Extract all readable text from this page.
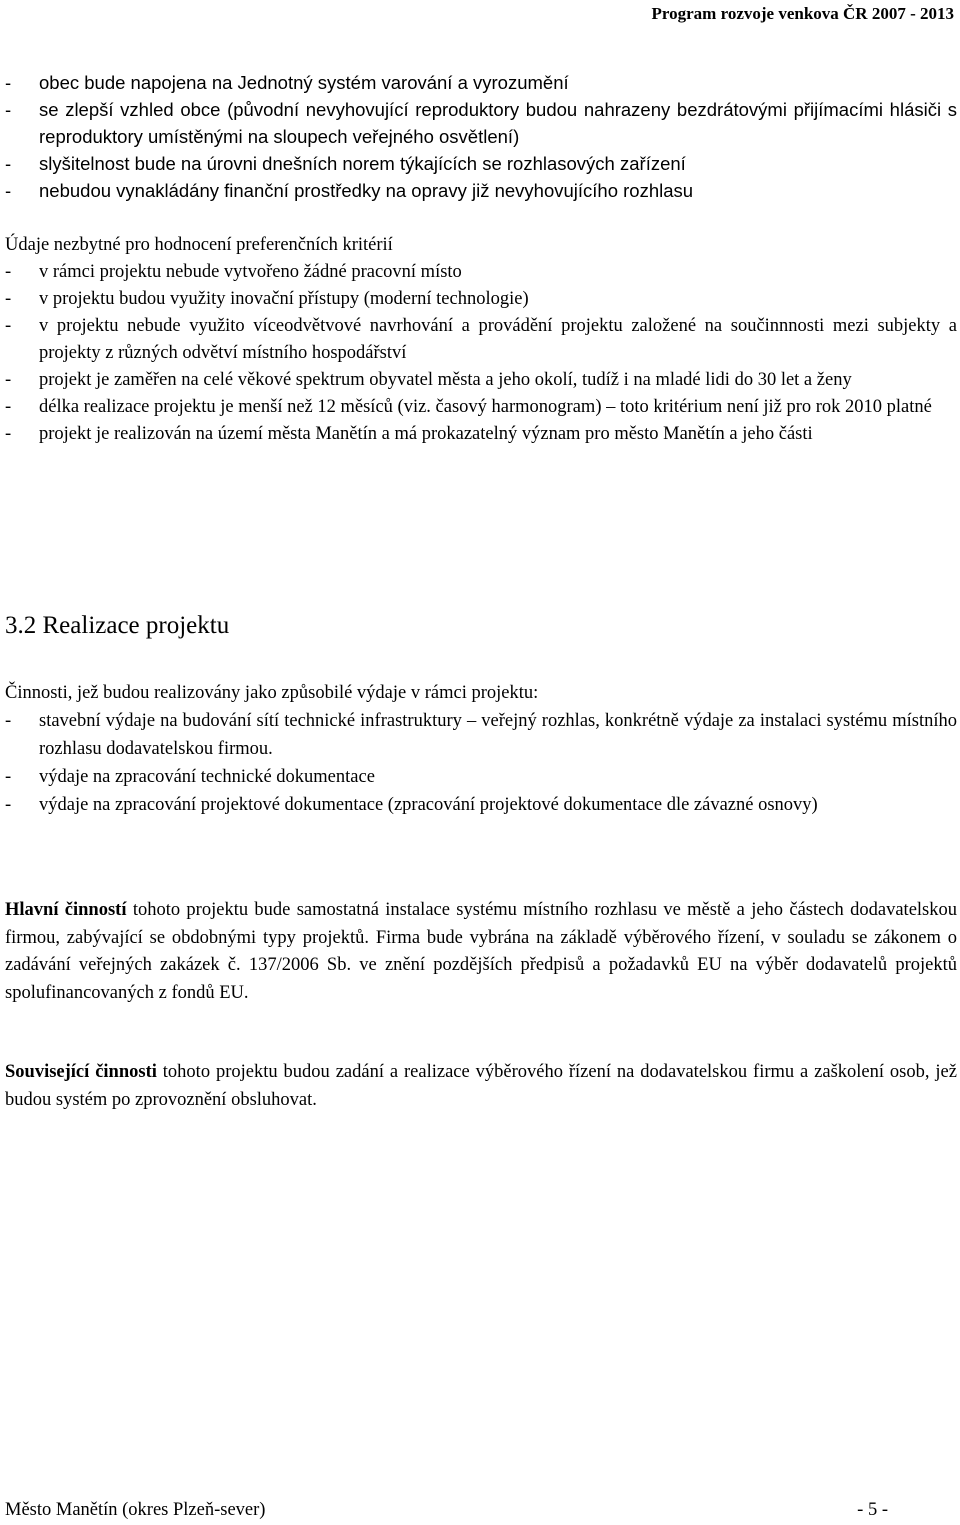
Program rozvoje venkova ČR 2007 - 2013
- obec bude napojena na Jednotný systém varování a vyrozumění
- se zlepší vzhled obce (původní nevyhovující reproduktory budou nahrazeny bezdrátovými přijímacími hlásiči s reproduktory umístěnými na sloupech veřejného osvětlení)
- slyšitelnost bude na úrovni dnešních norem týkajících se rozhlasových zařízení
- nebudou vynakládány finanční prostředky na opravy již nevyhovujícího rozhlasu

Údaje nezbytné pro hodnocení preferenčních kritérií

- v rámci projektu nebude vytvořeno žádné pracovní místo
- v projektu budou využity inovační přístupy (moderní technologie)
- v projektu nebude využito víceodvětvové navrhování a provádění projektu založené na součinnnosti mezi subjekty a projekty z různých odvětví místního hospodářství
- projekt je zaměřen na celé věkové spektrum obyvatel města a jeho okolí, tudíž i na mladé lidi do 30 let a ženy
- délka realizace projektu je menší než 12 měsíců (viz. časový harmonogram) – toto kritérium není již pro rok 2010 platné
- projekt je realizován na území města Manětín a má prokazatelný význam pro město Manětín a jeho části
3.2 Realizace projektu

Činnosti, jež budou realizovány jako způsobilé výdaje v rámci projektu:

- stavební výdaje na budování sítí technické infrastruktury – veřejný rozhlas, konkrétně výdaje za instalaci systému místního rozhlasu dodavatelskou firmou.
- výdaje na zpracování technické dokumentace
- výdaje na zpracování projektové dokumentace (zpracování projektové dokumentace dle závazné osnovy)

Hlavní činností tohoto projektu bude samostatná instalace systému místního rozhlasu ve městě a jeho částech dodavatelskou firmou, zabývající se obdobnými typy projektů. Firma bude vybrána na základě výběrového řízení, v souladu se zákonem o zadávání veřejných zakázek č. 137/2006 Sb. ve znění pozdějších předpisů a požadavků EU na výběr dodavatelů projektů spolufinancovaných z fondů EU.

Související činnosti tohoto projektu budou zadání a realizace výběrového řízení na dodavatelskou firmu a zaškolení osob, jež budou systém po zprovoznění obsluhovat.

Město Manětín (okres Plzeň-sever)	- 5 -
